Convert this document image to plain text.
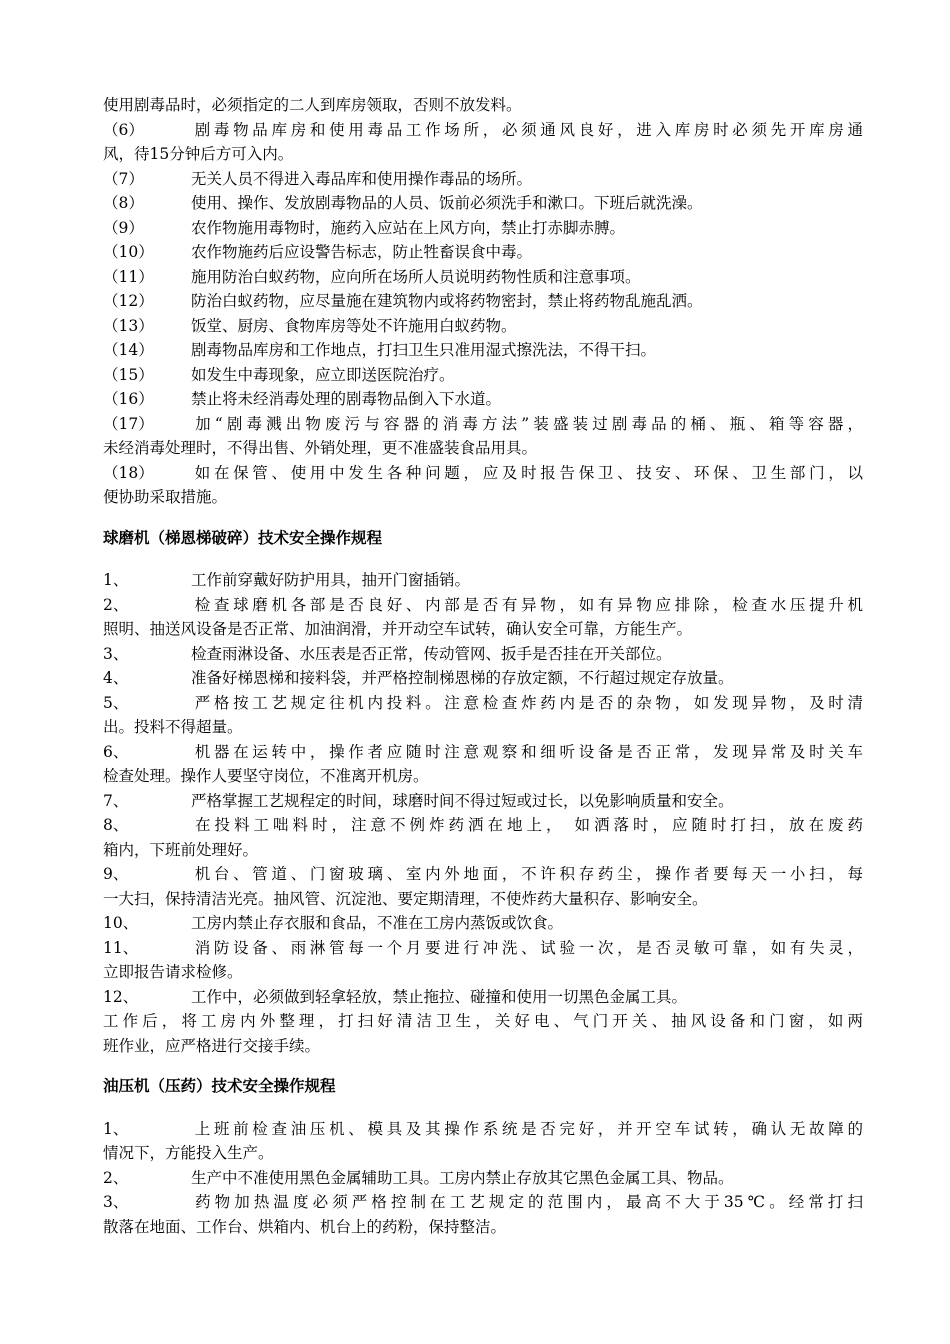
使用剧毒品时，必须指定的二人到库房领取，否则不放发料。
（6）	剧毒物品库房和使用毒品工作场所，必须通风良好，进入库房时必须先开库房通
风，待15分钟后方可入内。
（7）	无关人员不得进入毒品库和使用操作毒品的场所。
（8）	使用、操作、发放剧毒物品的人员、饭前必须洗手和漱口。下班后就洗澡。
（9）	农作物施用毒物时，施药入应站在上风方向，禁止打赤脚赤膊。
（10） 农作物施药后应设警告标志，防止牲畜误食中毒。
（11） 施用防治白蚁药物，应向所在场所人员说明药物性质和注意事项。
（12） 防治白蚁药物，应尽量施在建筑物内或将药物密封，禁止将药物乱施乱洒。
（13） 饭堂、厨房、食物库房等处不许施用白蚁药物。
（14） 剧毒物品库房和工作地点，打扫卫生只准用湿式擦洗法，不得干扫。
（15） 如发生中毒现象，应立即送医院治疗。
（16） 禁止将未经消毒处理的剧毒物品倒入下水道。
（17） 加“剧毒溅出物废污与容器的消毒方法”装盛装过剧毒品的桶、瓶、箱等容器，
未经消毒处理时，不得出售、外销处理，更不准盛装食品用具。
（18） 如在保管、使用中发生各种问题，应及时报告保卫、技安、环保、卫生部门，以
便协助采取措施。
球磨机（梯恩梯破碎）技术安全操作规程
1、	工作前穿戴好防护用具，抽开门窗插销。
2、	检查球磨机各部是否良好、内部是否有异物，如有异物应排除，检查水压提升机
照明、抽送风设备是否正常、加油润滑，并开动空车试转，确认安全可靠，方能生产。
3、	检查雨淋设备、水压表是否正常，传动管网、扳手是否挂在开关部位。
4、	准备好梯恩梯和接料袋，并严格控制梯恩梯的存放定额，不行超过规定存放量。
5、	严格按工艺规定往机内投料。注意检查炸药内是否的杂物，如发现异物，及时清
出。投料不得超量。
6、	机器在运转中，操作者应随时注意观察和细听设备是否正常，发现异常及时关车
检查处理。操作人要坚守岗位，不准离开机房。
7、	严格掌握工艺规程定的时间，球磨时间不得过短或过长，以免影响质量和安全。
8、	在投料工咄料时，注意不例炸药洒在地上， 如洒落时，应随时打扫，放在废药
箱内，下班前处理好。
9、	机台、管道、门窗玻璃、室内外地面，不许积存药尘，操作者要每天一小扫，每
一大扫，保持清洁光亮。抽风管、沉淀池、要定期清理，不使炸药大量积存、影响安全。
10、	工房内禁止存衣服和食品，不准在工房内蒸饭或饮食。
11、	消防设备、雨淋管每一个月要进行冲洗、试验一次，是否灵敏可靠，如有失灵，
立即报告请求检修。
12、	工作中，必须做到轻拿轻放，禁止拖拉、碰撞和使用一切黑色金属工具。
工作后，将工房内外整理，打扫好清洁卫生，关好电、气门开关、抽风设备和门窗，如两
班作业，应严格进行交接手续。
油压机（压药）技术安全操作规程
1、	上班前检查油压机、模具及其操作系统是否完好，并开空车试转，确认无故障的
情况下，方能投入生产。
2、	生产中不准使用黑色金属辅助工具。工房内禁止存放其它黑色金属工具、物品。
3、	药物加热温度必须严格控制在工艺规定的范围内，最高不大于35℃。经常打扫
散落在地面、工作台、烘箱内、机台上的药粉，保持整洁。
